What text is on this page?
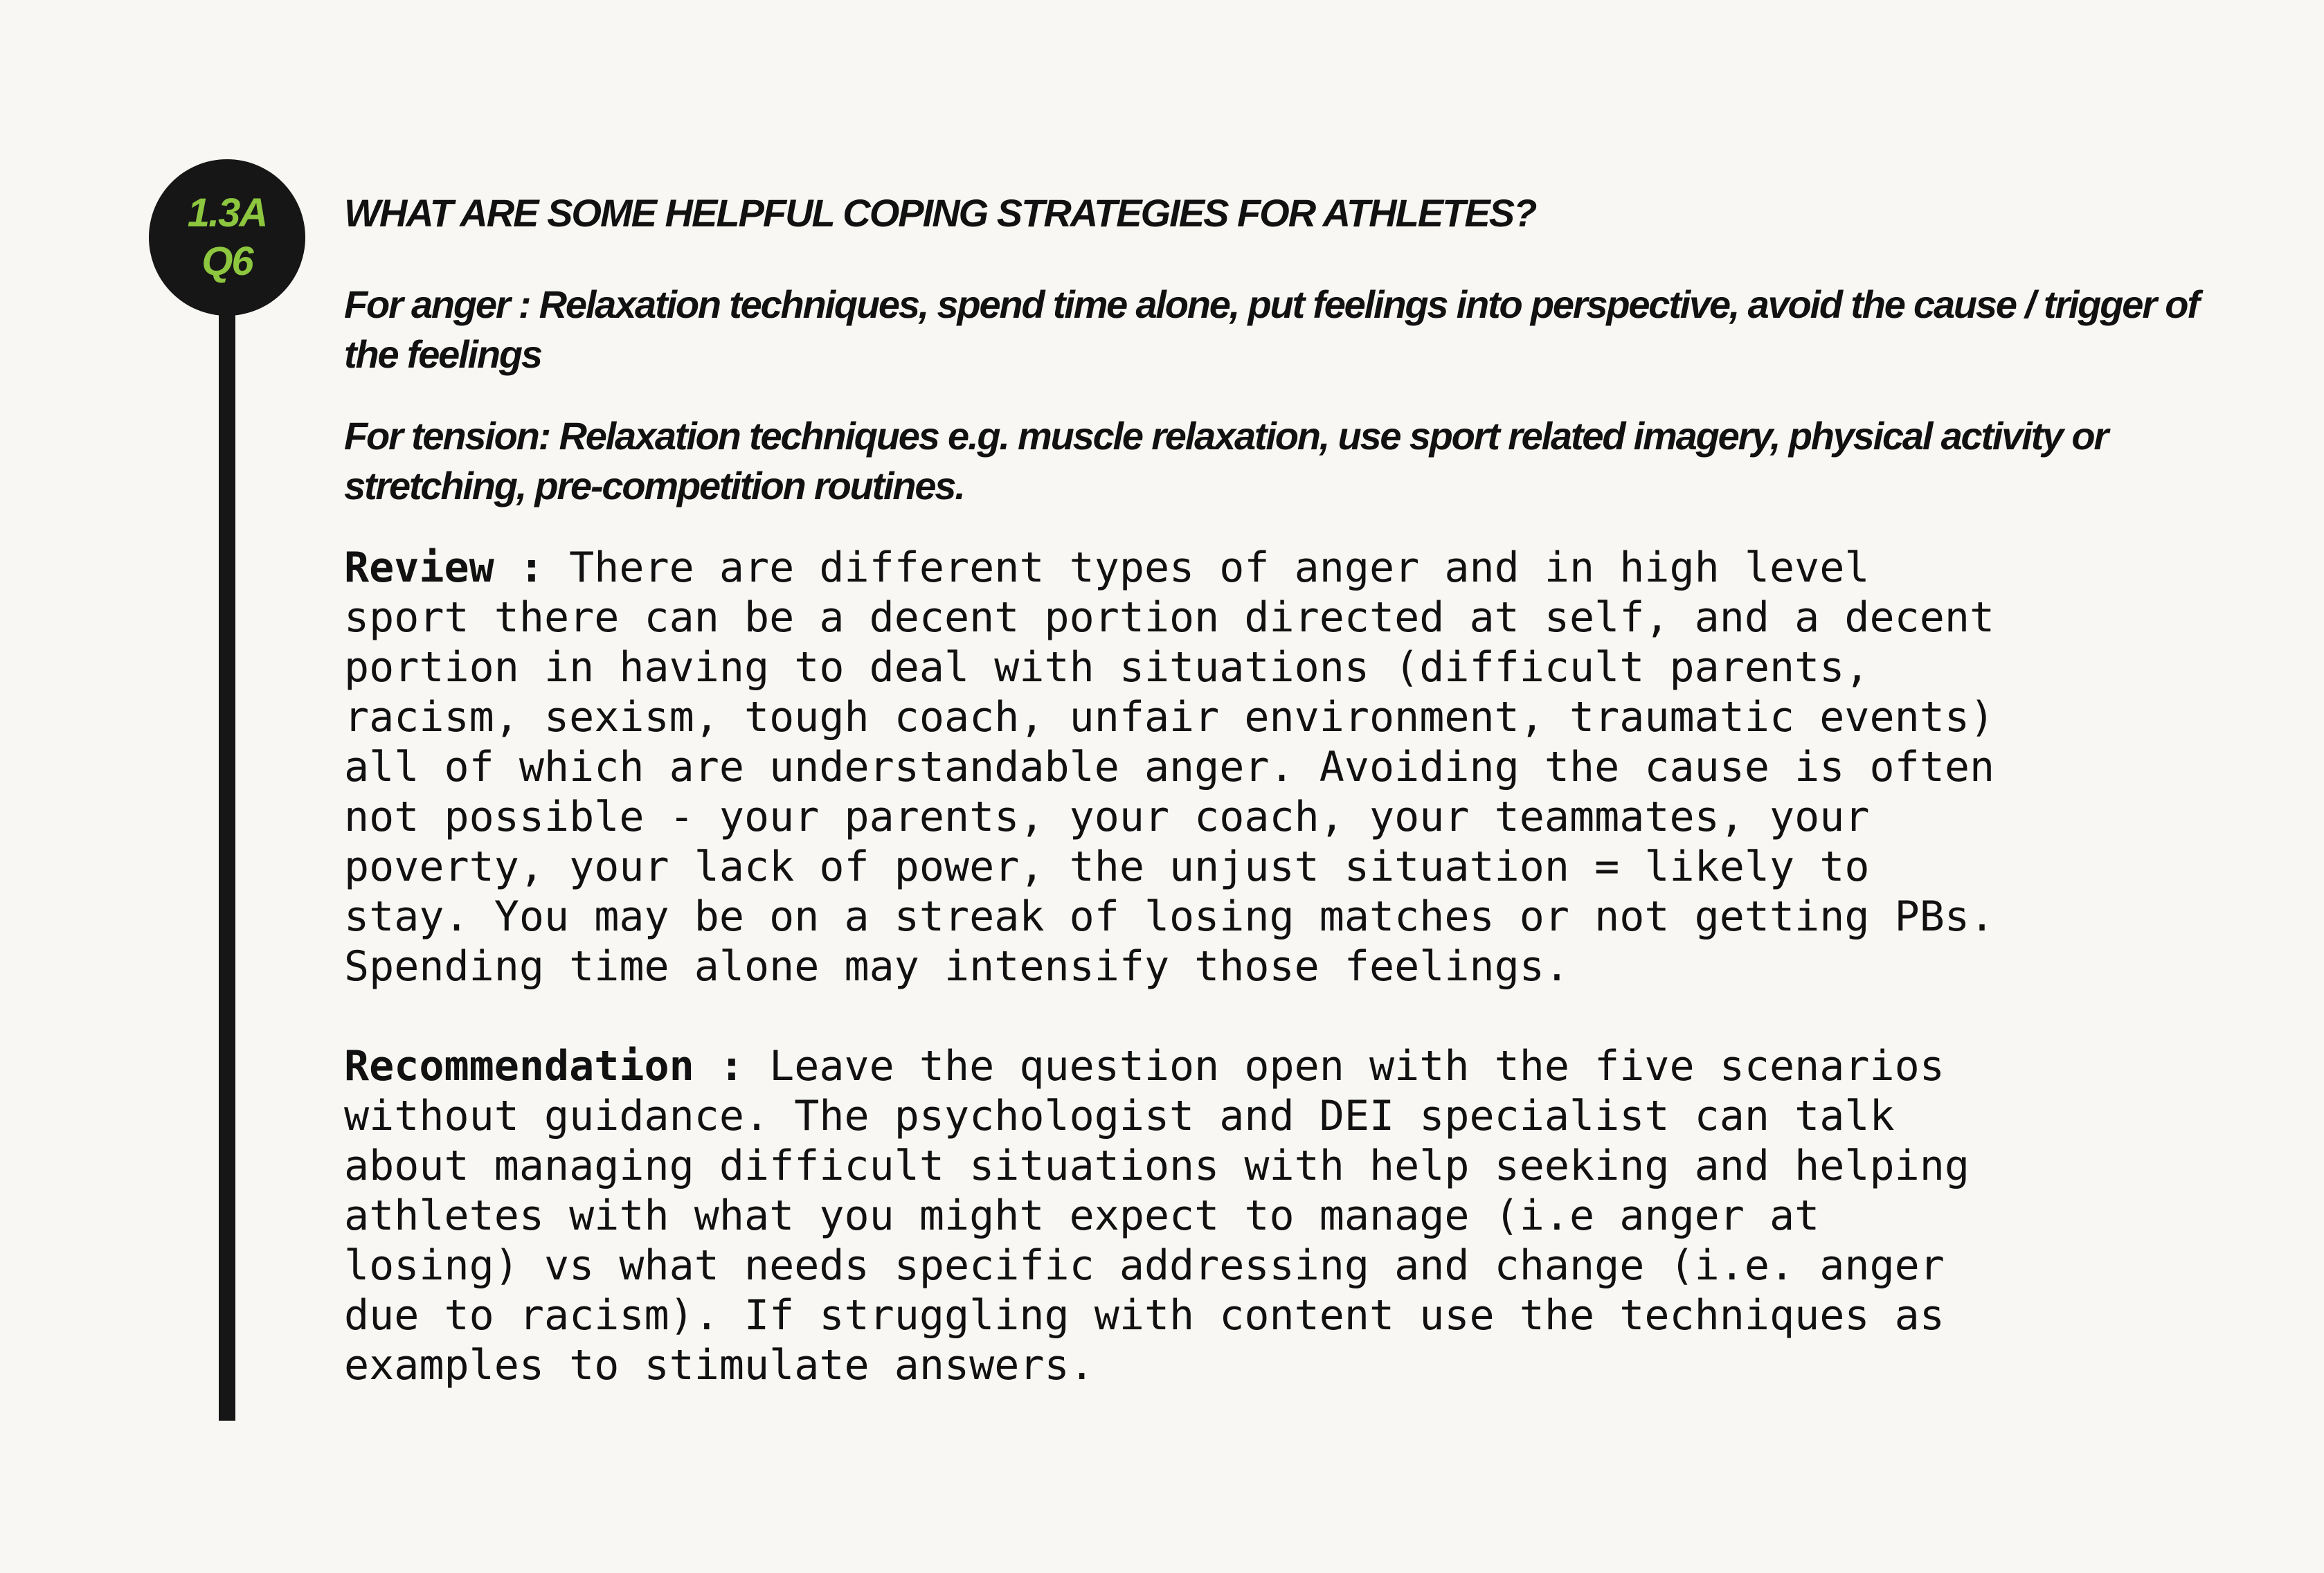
1.3A
Q6
WHAT ARE SOME HELPFUL COPING STRATEGIES FOR ATHLETES?
For anger : Relaxation techniques, spend time alone, put feelings into perspective, avoid the cause / trigger of the feelings
For tension: Relaxation techniques e.g. muscle relaxation, use sport related imagery, physical activity or stretching, pre-competition routines.

Review : There are different types of anger and in high level
sport there can be a decent portion directed at self, and a decent
portion in having to deal with situations (difficult parents,
racism, sexism, tough coach, unfair environment, traumatic events)
all of which are understandable anger. Avoiding the cause is often
not possible - your parents, your coach, your teammates, your
poverty, your lack of power, the unjust situation = likely to
stay. You may be on a streak of losing matches or not getting PBs.
Spending time alone may intensify those feelings.

Recommendation : Leave the question open with the five scenarios
without guidance. The psychologist and DEI specialist can talk
about managing difficult situations with help seeking and helping
athletes with what you might expect to manage (i.e anger at
losing) vs what needs specific addressing and change (i.e. anger
due to racism). If struggling with content use the techniques as
examples to stimulate answers.
